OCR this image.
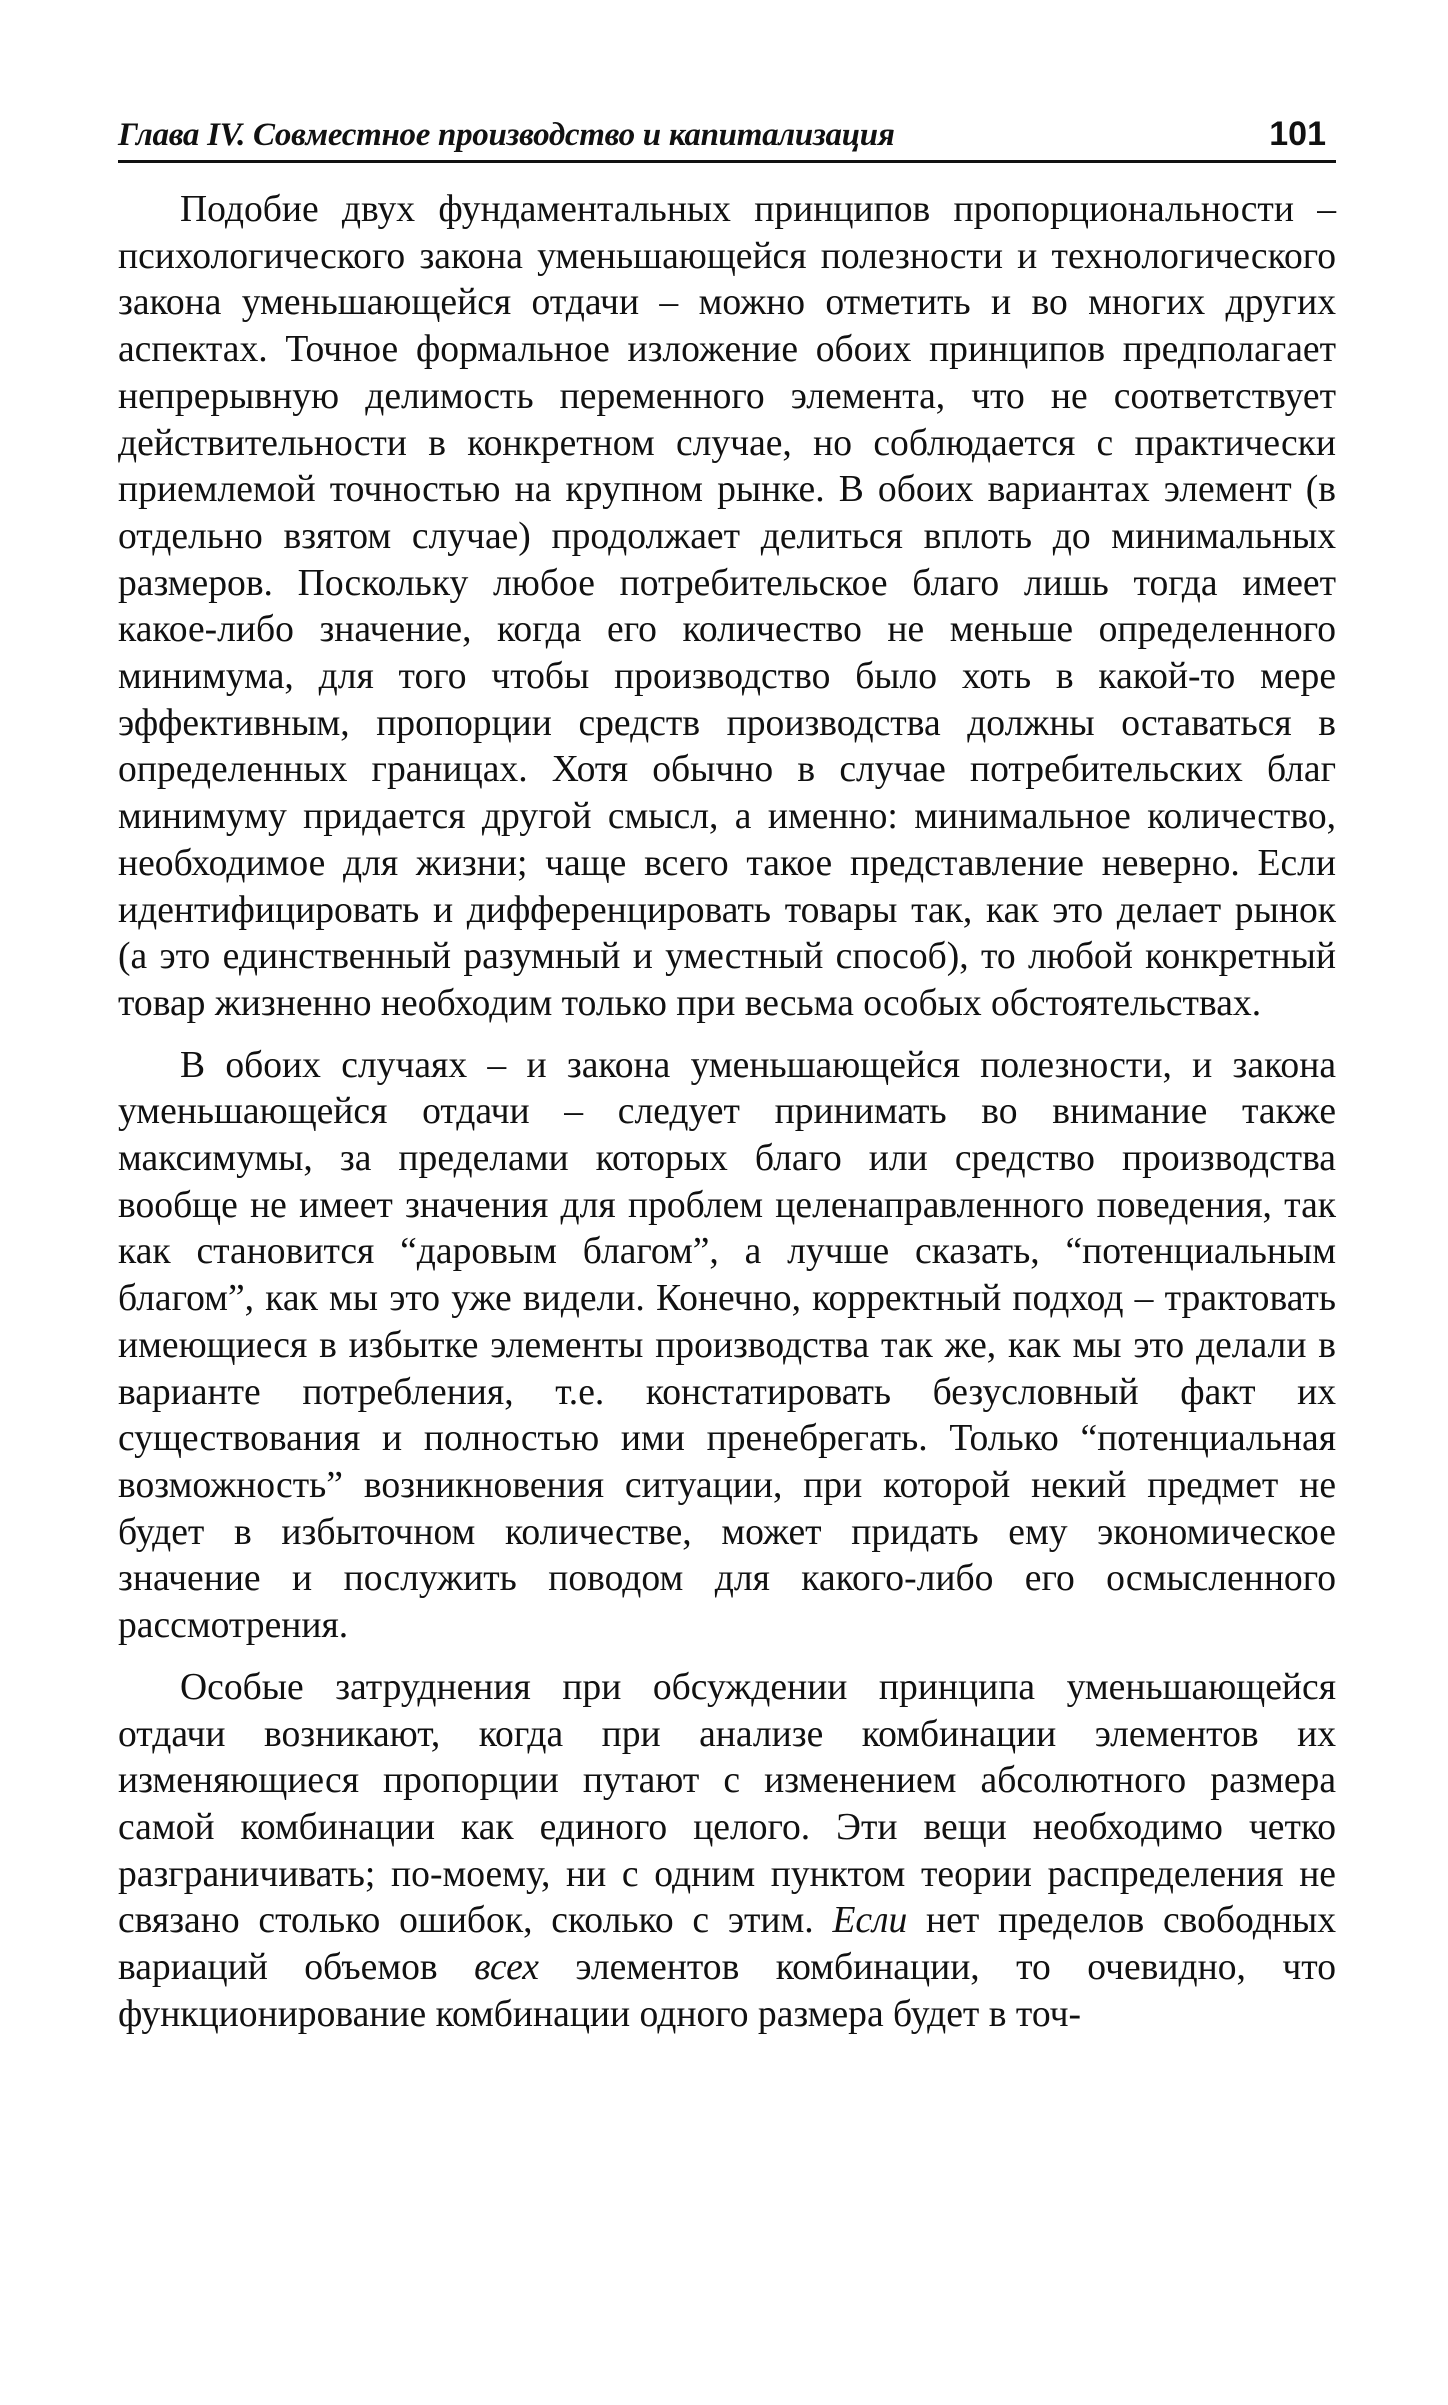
Глава IV. Совместное производство и капитализация	101

Подобие двух фундаментальных принципов пропорциональности – психологического закона уменьшающейся полезности и технологического закона уменьшающейся отдачи – можно отметить и во многих других аспектах. Точное формальное изложение обоих принципов предполагает непрерывную делимость переменного элемента, что не соответствует действительности в конкретном случае, но соблюдается с практически приемлемой точностью на крупном рынке. В обоих вариантах элемент (в отдельно взятом случае) продолжает делиться вплоть до минимальных размеров. Поскольку любое потребительское благо лишь тогда имеет какое-либо значение, когда его количество не меньше определенного минимума, для того чтобы производство было хоть в какой-то мере эффективным, пропорции средств производства должны оставаться в определенных границах. Хотя обычно в случае потребительских благ минимуму придается другой смысл, а именно: минимальное количество, необходимое для жизни; чаще всего такое представление неверно. Если идентифицировать и дифференцировать товары так, как это делает рынок (а это единственный разумный и уместный способ), то любой конкретный товар жизненно необходим только при весьма особых обстоятельствах.

В обоих случаях – и закона уменьшающейся полезности, и закона уменьшающейся отдачи – следует принимать во внимание также максимумы, за пределами которых благо или средство производства вообще не имеет значения для проблем целенаправленного поведения, так как становится “даровым благом”, а лучше сказать, “потенциальным благом”, как мы это уже видели. Конечно, корректный подход – трактовать имеющиеся в избытке элементы производства так же, как мы это делали в варианте потребления, т.е. констатировать безусловный факт их существования и полностью ими пренебрегать. Только “потенциальная возможность” возникновения ситуации, при которой некий предмет не будет в избыточном количестве, может придать ему экономическое значение и послужить поводом для какого-либо его осмысленного рассмотрения.

Особые затруднения при обсуждении принципа уменьшающейся отдачи возникают, когда при анализе комбинации элементов их изменяющиеся пропорции путают с изменением абсолютного размера самой комбинации как единого целого. Эти вещи необходимо четко разграничивать; по-моему, ни с одним пунктом теории распределения не связано столько ошибок, сколько с этим. Если нет пределов свободных вариаций объемов всех элементов комбинации, то очевидно, что функционирование комбинации одного размера будет в точ-
